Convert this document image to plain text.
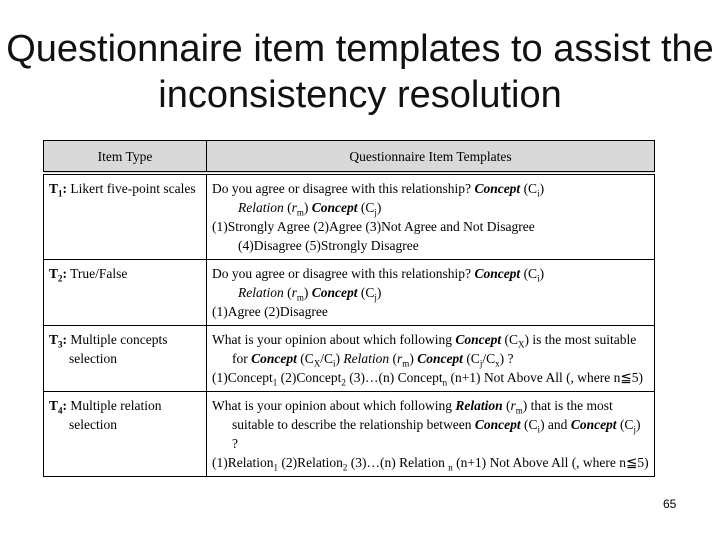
Questionnaire item templates to assist the inconsistency resolution
Item Type	Questionnaire Item Templates

$T_1$: Likert five-point scales	Do you agree or disagree with this relationship? Concept $(C_i)$
Relation $(r_m)$ Concept $(C_j)$
(1)Strongly Agree (2)Agree (3)Not Agree and Not Disagree
(4)Disagree (5)Strongly Disagree

$T_2$: True/False	Do you agree or disagree with this relationship? Concept $(C_i)$
Relation $(r_m)$ Concept $(C_j)$
(1)Agree (2)Disagree

$T_3$: Multiple concepts selection	What is your opinion about which following Concept $(C_X)$ is the most suitable for Concept $(C_X/C_i)$ Relation $(r_m)$ Concept $(C_j/C_x)$ ?
(1)Concept$_1$ (2)Concept$_2$ (3)…(n) Concept$_n$ (n+1) Not Above All (, where n≦5)

$T_4$: Multiple relation selection	What is your opinion about which following Relation $(r_m)$ that is the most suitable to describe the relationship between Concept $(C_i)$ and Concept $(C_j)$ ?
(1)Relation$_1$ (2)Relation$_2$ (3)…(n) Relation $_n$ (n+1) Not Above All (, where n≦5)
65
